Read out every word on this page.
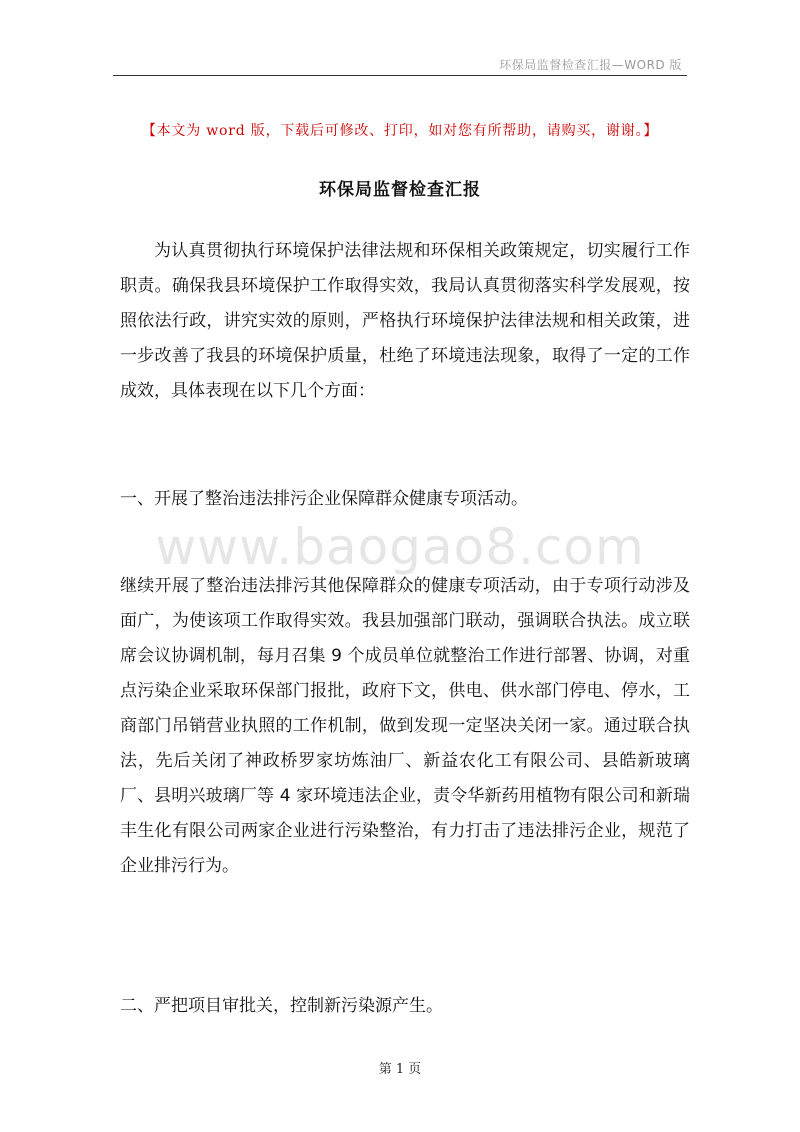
环保局监督检查汇报—WORD 版
【本文为 word 版，下载后可修改、打印，如对您有所帮助，请购买，谢谢。】
环保局监督检查汇报

为认真贯彻执行环境保护法律法规和环保相关政策规定，切实履行工作职责。确保我县环境保护工作取得实效，我局认真贯彻落实科学发展观，按照依法行政，讲究实效的原则，严格执行环境保护法律法规和相关政策，进一步改善了我县的环境保护质量，杜绝了环境违法现象，取得了一定的工作成效，具体表现在以下几个方面：

一、开展了整治违法排污企业保障群众健康专项活动。

www.baogao8.com

继续开展了整治违法排污其他保障群众的健康专项活动，由于专项行动涉及面广，为使该项工作取得实效。我县加强部门联动，强调联合执法。成立联席会议协调机制，每月召集 9 个成员单位就整治工作进行部署、协调，对重点污染企业采取环保部门报批，政府下文，供电、供水部门停电、停水，工商部门吊销营业执照的工作机制，做到发现一定坚决关闭一家。通过联合执法，先后关闭了神政桥罗家坊炼油厂、新益农化工有限公司、县皓新玻璃厂、县明兴玻璃厂等 4 家环境违法企业，责令华新药用植物有限公司和新瑞丰生化有限公司两家企业进行污染整治，有力打击了违法排污企业，规范了企业排污行为。

二、严把项目审批关，控制新污染源产生。

第 1 页
